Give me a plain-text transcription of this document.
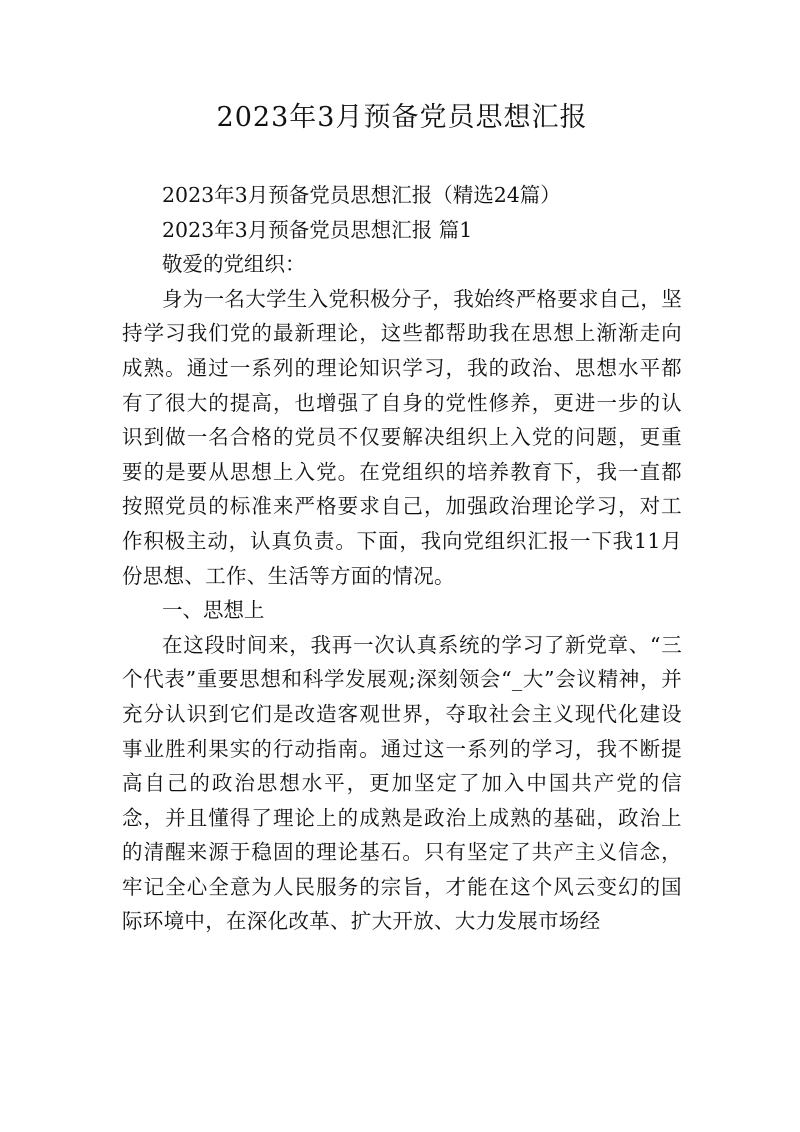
2023年3月预备党员思想汇报
2023年3月预备党员思想汇报（精选24篇）
2023年3月预备党员思想汇报 篇1
敬爱的党组织：
身为一名大学生入党积极分子，我始终严格要求自己，坚持学习我们党的最新理论，这些都帮助我在思想上渐渐走向成熟。通过一系列的理论知识学习，我的政治、思想水平都有了很大的提高，也增强了自身的党性修养，更进一步的认识到做一名合格的党员不仅要解决组织上入党的问题，更重要的是要从思想上入党。在党组织的培养教育下，我一直都按照党员的标准来严格要求自己，加强政治理论学习，对工作积极主动，认真负责。下面，我向党组织汇报一下我11月份思想、工作、生活等方面的情况。
一、思想上
在这段时间来，我再一次认真系统的学习了新党章、“三个代表”重要思想和科学发展观;深刻领会“_大”会议精神，并充分认识到它们是改造客观世界，夺取社会主义现代化建设事业胜利果实的行动指南。通过这一系列的学习，我不断提高自己的政治思想水平，更加坚定了加入中国共产党的信念，并且懂得了理论上的成熟是政治上成熟的基础，政治上的清醒来源于稳固的理论基石。只有坚定了共产主义信念，牢记全心全意为人民服务的宗旨，才能在这个风云变幻的国际环境中，在深化改革、扩大开放、大力发展市场经
